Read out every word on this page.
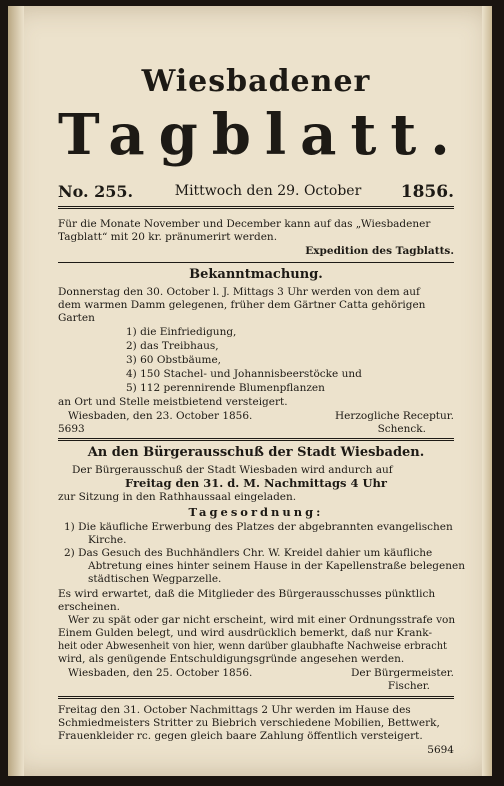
Wiesbadener
Tagblatt.
No. 255.	Mittwoch den 29. October	1856.
Für die Monate November und December kann auf das „Wiesbadener
Tagblatt“ mit 20 kr. pränumerirt werden.
Expedition des Tagblatts.
Bekanntmachung.
Donnerstag den 30. October l. J. Mittags 3 Uhr werden von dem auf
dem warmen Damm gelegenen, früher dem Gärtner Catta gehörigen
Garten
1) die Einfriedigung,
2) das Treibhaus,
3) 60 Obstbäume,
4) 150 Stachel- und Johannisbeerstöcke und
5) 112 perennirende Blumenpflanzen
an Ort und Stelle meistbietend versteigert.
Wiesbaden, den 23. October 1856.	Herzogliche Receptur.
5693	Schenck.
An den Bürgerausschuß der Stadt Wiesbaden.
Der Bürgerausschuß der Stadt Wiesbaden wird andurch auf
Freitag den 31. d. M. Nachmittags 4 Uhr
zur Sitzung in den Rathhaussaal eingeladen.
Tagesordnung:
1) Die käufliche Erwerbung des Platzes der abgebrannten evangelischen
Kirche.
2) Das Gesuch des Buchhändlers Chr. W. Kreidel dahier um käufliche
Abtretung eines hinter seinem Hause in der Kapellenstraße belegenen
städtischen Wegparzelle.
Es wird erwartet, daß die Mitglieder des Bürgerausschusses pünktlich
erscheinen.
Wer zu spät oder gar nicht erscheint, wird mit einer Ordnungsstrafe von
Einem Gulden belegt, und wird ausdrücklich bemerkt, daß nur Krank-
heit oder Abwesenheit von hier, wenn darüber glaubhafte Nachweise erbracht
wird, als genügende Entschuldigungsgründe angesehen werden.
Wiesbaden, den 25. October 1856.	Der Bürgermeister.
Fischer.
Freitag den 31. October Nachmittags 2 Uhr werden im Hause des
Schmiedmeisters Stritter zu Biebrich verschiedene Mobilien, Bettwerk,
Frauenkleider rc. gegen gleich baare Zahlung öffentlich versteigert.
5694
